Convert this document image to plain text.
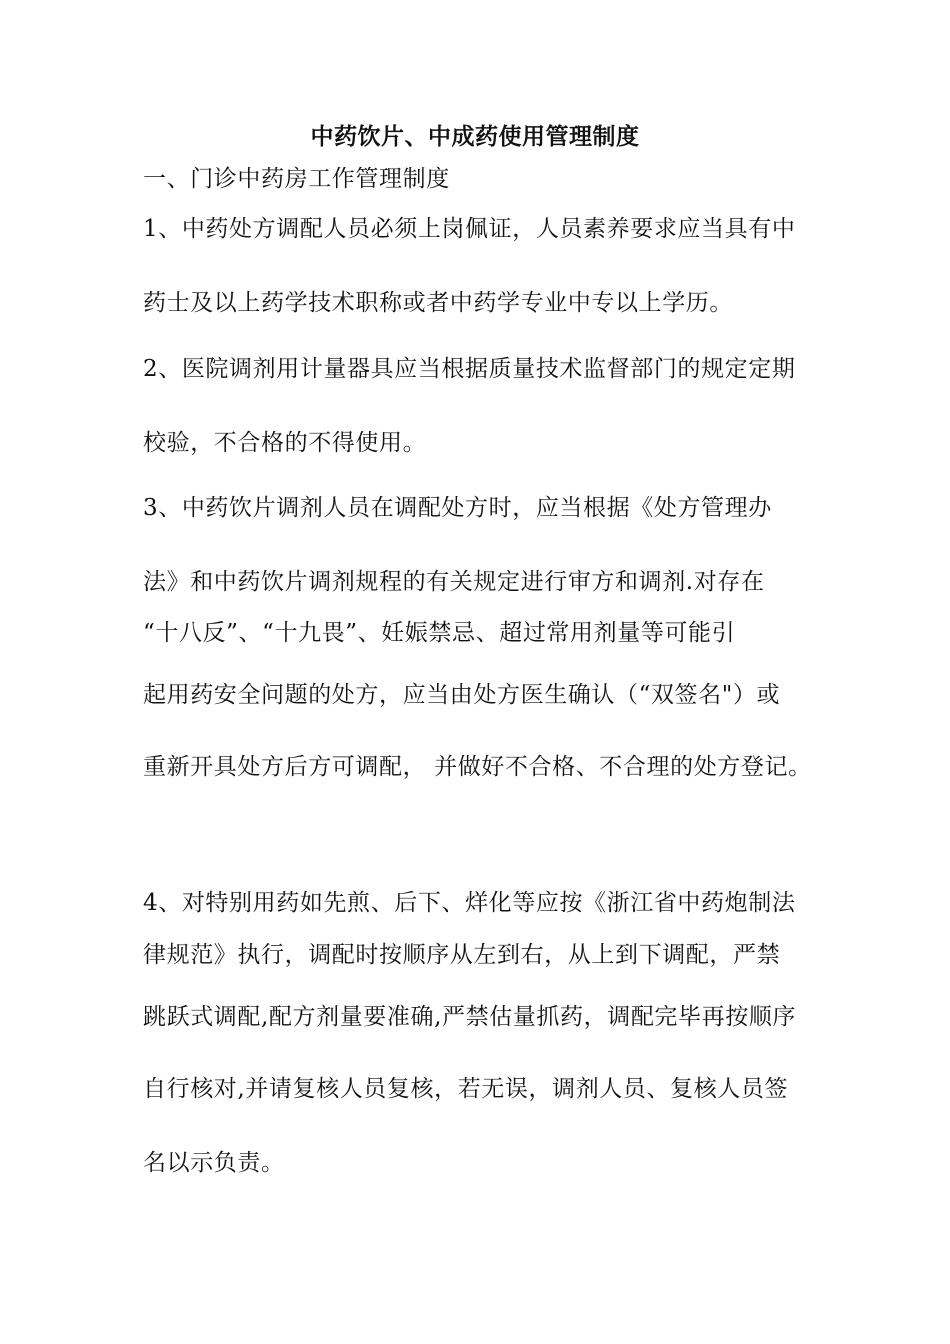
中药饮片、中成药使用管理制度
一、门诊中药房工作管理制度
1、中药处方调配人员必须上岗佩证，人员素养要求应当具有中
药士及以上药学技术职称或者中药学专业中专以上学历。
2、医院调剂用计量器具应当根据质量技术监督部门的规定定期
校验，不合格的不得使用。
3、中药饮片调剂人员在调配处方时，应当根据《处方管理办
法》和中药饮片调剂规程的有关规定进行审方和调剂.对存在
“十八反”、“十九畏”、妊娠禁忌、超过常用剂量等可能引
起用药安全问题的处方，应当由处方医生确认（“双签名"）或
重新开具处方后方可调配， 并做好不合格、不合理的处方登记。
4、对特别用药如先煎、后下、烊化等应按《浙江省中药炮制法
律规范》执行，调配时按顺序从左到右，从上到下调配，严禁
跳跃式调配,配方剂量要准确,严禁估量抓药，调配完毕再按顺序
自行核对,并请复核人员复核，若无误，调剂人员、复核人员签
名以示负责。
